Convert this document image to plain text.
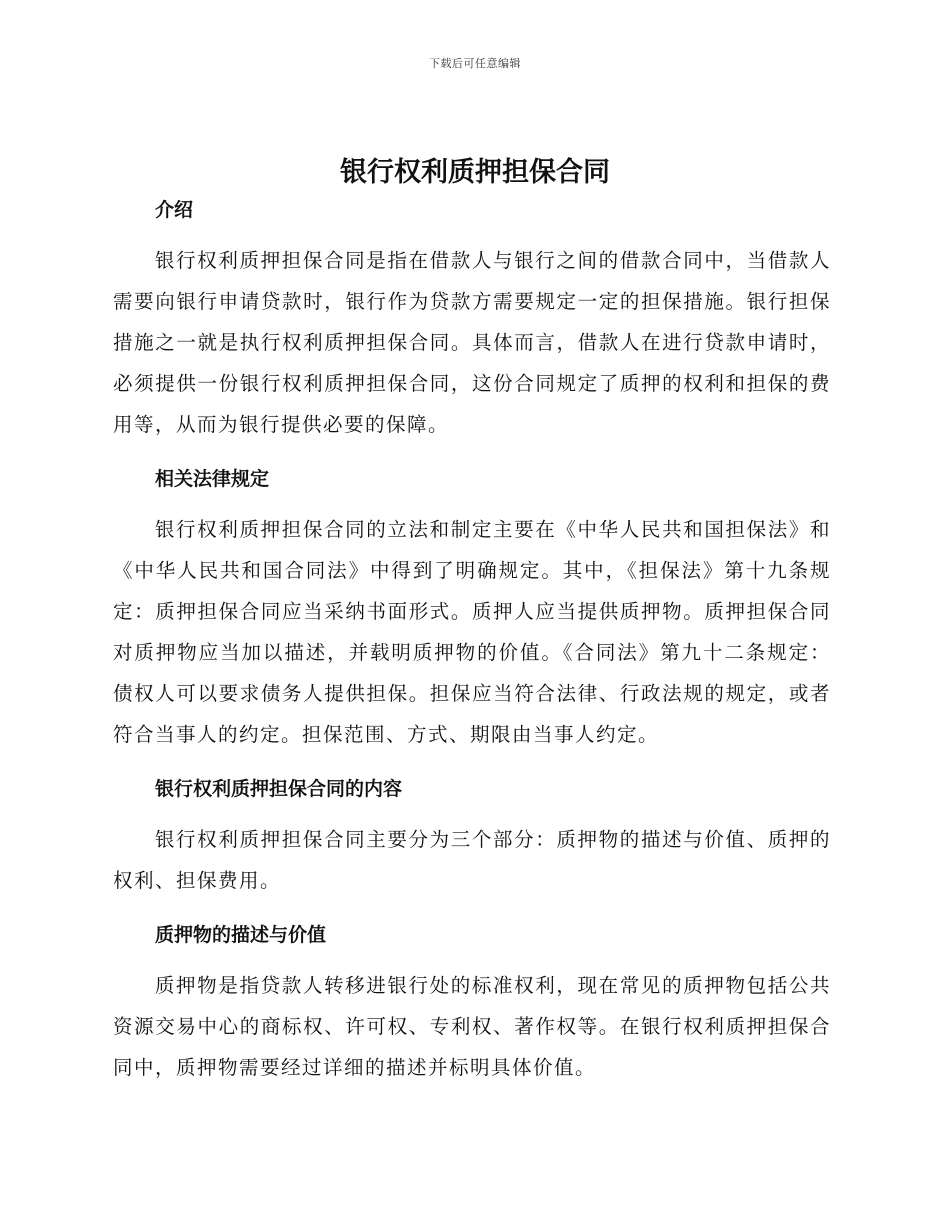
下载后可任意编辑
银行权利质押担保合同
介绍

银行权利质押担保合同是指在借款人与银行之间的借款合同中，当借款人需要向银行申请贷款时，银行作为贷款方需要规定一定的担保措施。银行担保措施之一就是执行权利质押担保合同。具体而言，借款人在进行贷款申请时，必须提供一份银行权利质押担保合同，这份合同规定了质押的权利和担保的费用等，从而为银行提供必要的保障。

相关法律规定

银行权利质押担保合同的立法和制定主要在《中华人民共和国担保法》和《中华人民共和国合同法》中得到了明确规定。其中，《担保法》第十九条规定：质押担保合同应当采纳书面形式。质押人应当提供质押物。质押担保合同对质押物应当加以描述，并载明质押物的价值。《合同法》第九十二条规定：债权人可以要求债务人提供担保。担保应当符合法律、行政法规的规定，或者符合当事人的约定。担保范围、方式、期限由当事人约定。

银行权利质押担保合同的内容

银行权利质押担保合同主要分为三个部分：质押物的描述与价值、质押的权利、担保费用。

质押物的描述与价值

质押物是指贷款人转移进银行处的标准权利，现在常见的质押物包括公共资源交易中心的商标权、许可权、专利权、著作权等。在银行权利质押担保合同中，质押物需要经过详细的描述并标明具体价值。
